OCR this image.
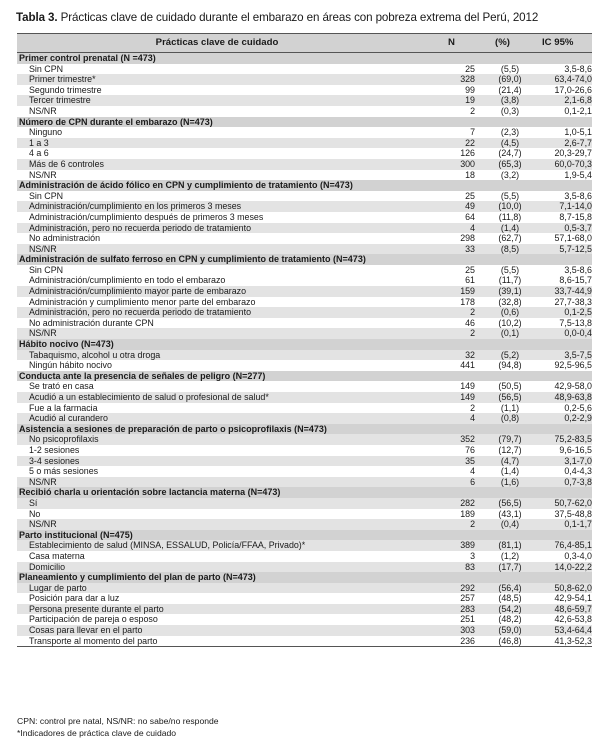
Tabla 3. Prácticas clave de cuidado durante el embarazo en áreas con pobreza extrema del Perú, 2012
Prácticas clave de cuidado	N	(%)	IC 95%
Primer control prenatal (N =473)
Sin CPN	25	(5,5)	3,5-8,6
Primer trimestre*	328	(69,0)	63,4-74,0
Segundo trimestre	99	(21,4)	17,0-26,6
Tercer trimestre	19	(3,8)	2,1-6,8
NS/NR	2	(0,3)	0,1-2,1
Número de CPN durante el embarazo (N=473)
Ninguno	7	(2,3)	1,0-5,1
1 a 3	22	(4,5)	2,6-7,7
4 a 6	126	(24,7)	20,3-29,7
Más de 6 controles	300	(65,3)	60,0-70,3
NS/NR	18	(3,2)	1,9-5,4
Administración de ácido fólico en CPN y cumplimiento de tratamiento (N=473)
Sin CPN	25	(5,5)	3,5-8,6
Administración/cumplimiento en los primeros 3 meses	49	(10,0)	7,1-14,0
Administración/cumplimiento después de primeros 3 meses	64	(11,8)	8,7-15,8
Administración, pero no recuerda periodo de tratamiento	4	(1,4)	0,5-3,7
No administración	298	(62,7)	57,1-68,0
NS/NR	33	(8,5)	5,7-12,5
Administración de sulfato ferroso en CPN y cumplimiento de tratamiento (N=473)
Sin CPN	25	(5,5)	3,5-8,6
Administración/cumplimiento en todo el embarazo	61	(11,7)	8,6-15,7
Administración/cumplimiento mayor parte de embarazo	159	(39,1)	33,7-44,9
Administración y cumplimiento menor parte del embarazo	178	(32,8)	27,7-38,3
Administración, pero no recuerda periodo de tratamiento	2	(0,6)	0,1-2,5
No administración durante CPN	46	(10,2)	7,5-13,8
NS/NR	2	(0,1)	0,0-0,4
Hábito nocivo (N=473)
Tabaquismo, alcohol u otra droga	32	(5,2)	3,5-7,5
Ningún hábito nocivo	441	(94,8)	92,5-96,5
Conducta ante la presencia de señales de peligro (N=277)
Se trató en casa	149	(50,5)	42,9-58,0
Acudió a un establecimiento de salud o profesional de salud*	149	(56,5)	48,9-63,8
Fue a la farmacia	2	(1,1)	0,2-5,6
Acudió al curandero	4	(0,8)	0,2-2,9
Asistencia a sesiones de preparación de parto o psicoprofilaxis (N=473)
No psicoprofilaxis	352	(79,7)	75,2-83,5
1-2 sesiones	76	(12,7)	9,6-16,5
3-4 sesiones	35	(4,7)	3,1-7,0
5 o más sesiones	4	(1,4)	0,4-4,3
NS/NR	6	(1,6)	0,7-3,8
Recibió charla u orientación sobre lactancia materna (N=473)
Sí	282	(56,5)	50,7-62,0
No	189	(43,1)	37,5-48,8
NS/NR	2	(0,4)	0,1-1,7
Parto institucional (N=475)
Establecimiento de salud (MINSA, ESSALUD, Policía/FFAA, Privado)*	389	(81,1)	76,4-85,1
Casa materna	3	(1,2)	0,3-4,0
Domicilio	83	(17,7)	14,0-22,2
Planeamiento y cumplimiento del plan de parto (N=473)
Lugar de parto	292	(56,4)	50,8-62,0
Posición para dar a luz	257	(48,5)	42,9-54,1
Persona presente durante el parto	283	(54,2)	48,6-59,7
Participación de pareja o esposo	251	(48,2)	42,6-53,8
Cosas para llevar en el parto	303	(59,0)	53,4-64,4
Transporte al momento del parto	236	(46,8)	41,3-52,3
CPN: control pre natal, NS/NR: no sabe/no responde
*Indicadores de práctica clave de cuidado
